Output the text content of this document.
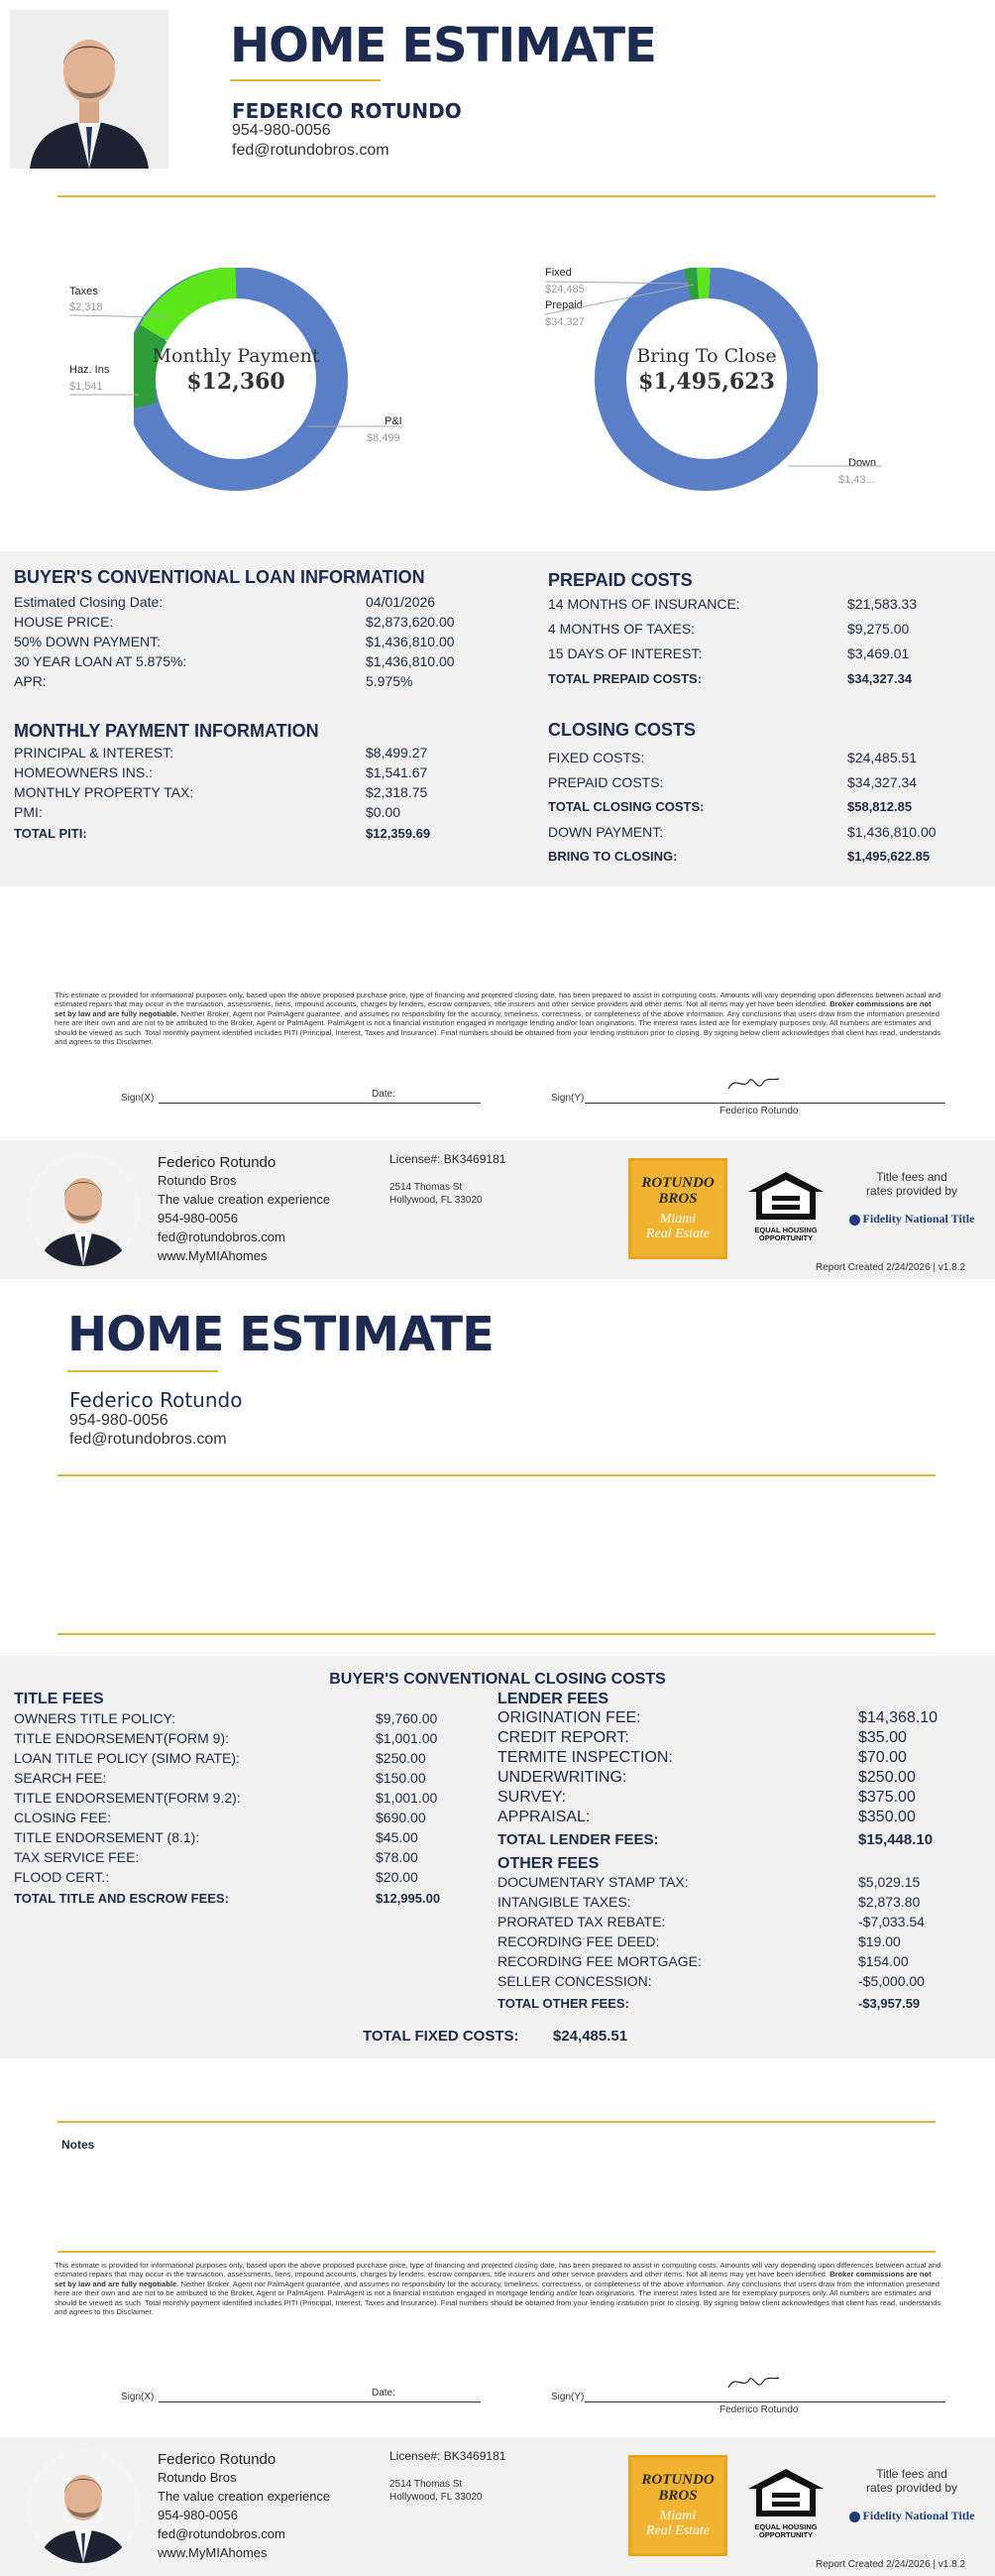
HOME ESTIMATE
FEDERICO ROTUNDO
954-980-0056
fed@rotundobros.com
Monthly Payment
$12,360
Taxes
$2,318
Haz. Ins
$1,541
P&I
$8,499
Bring To Close
$1,495,623
Fixed
$24,485
Prepaid
$34,327
Down
$1,43...
BUYER'S CONVENTIONAL LOAN INFORMATION
Estimated Closing Date:	04/01/2026
HOUSE PRICE:	$2,873,620.00
50% DOWN PAYMENT:	$1,436,810.00
30 YEAR LOAN AT 5.875%:	$1,436,810.00
APR:	5.975%
MONTHLY PAYMENT INFORMATION
PRINCIPAL & INTEREST:	$8,499.27
HOMEOWNERS INS.:	$1,541.67
MONTHLY PROPERTY TAX:	$2,318.75
PMI:	$0.00
TOTAL PITI:	$12,359.69
PREPAID COSTS
14 MONTHS OF INSURANCE:	$21,583.33
4 MONTHS OF TAXES:	$9,275.00
15 DAYS OF INTEREST:	$3,469.01
TOTAL PREPAID COSTS:	$34,327.34
CLOSING COSTS
FIXED COSTS:	$24,485.51
PREPAID COSTS:	$34,327.34
TOTAL CLOSING COSTS:	$58,812.85
DOWN PAYMENT:	$1,436,810.00
BRING TO CLOSING:	$1,495,622.85
This estimate is provided for informational purposes only, based upon the above proposed purchase price, type of financing and projected closing date, has been prepared to assist in computing costs. Amounts will vary depending upon differences between actual and estimated repairs that may occur in the transaction, assessments, liens, impound accounts, charges by lenders, escrow companies, title insurers and other service providers and other items. Not all items may yet have been identified. Broker commissions are not set by law and are fully negotiable. Neither Broker, Agent nor PalmAgent guarantee, and assumes no responsibility for the accuracy, timeliness, correctness, or completeness of the above information. Any conclusions that users draw from the information presented here are their own and are not to be attributed to the Broker, Agent or PalmAgent. PalmAgent is not a financial institution engaged in mortgage lending and/or loan originations. The interest rates listed are for exemplary purposes only. All numbers are estimates and should be viewed as such. Total monthly payment identified includes PITI (Principal, Interest, Taxes and Insurance). Final numbers should be obtained from your lending institution prior to closing. By signing below client acknowledges that client has read, understands and agrees to this Disclaimer.
Sign(X)	Date:	Sign(Y)
Federico Rotundo
Federico Rotundo
Rotundo Bros
The value creation experience
954-980-0056
fed@rotundobros.com
www.MyMIAhomes
License#: BK3469181
2514 Thomas St
Hollywood, FL 33020
ROTUNDO
BROS
Miami
Real Estate	EQUAL HOUSING
OPPORTUNITY
Title fees and
rates provided by
Fidelity National Title
Report Created 2/24/2026 | v1.8.2
HOME ESTIMATE
Federico Rotundo
954-980-0056
fed@rotundobros.com
BUYER'S CONVENTIONAL CLOSING COSTS
TITLE FEES
OWNERS TITLE POLICY:	$9,760.00
TITLE ENDORSEMENT(FORM 9):	$1,001.00
LOAN TITLE POLICY (SIMO RATE):	$250.00
SEARCH FEE:	$150.00
TITLE ENDORSEMENT(FORM 9.2):	$1,001.00
CLOSING FEE:	$690.00
TITLE ENDORSEMENT (8.1):	$45.00
TAX SERVICE FEE:	$78.00
FLOOD CERT.:	$20.00
TOTAL TITLE AND ESCROW FEES:	$12,995.00
LENDER FEES
ORIGINATION FEE:	$14,368.10
CREDIT REPORT:	$35.00
TERMITE INSPECTION:	$70.00
UNDERWRITING:	$250.00
SURVEY:	$375.00
APPRAISAL:	$350.00
TOTAL LENDER FEES:	$15,448.10
OTHER FEES
DOCUMENTARY STAMP TAX:	$5,029.15
INTANGIBLE TAXES:	$2,873.80
PRORATED TAX REBATE:	-$7,033.54
RECORDING FEE DEED:	$19.00
RECORDING FEE MORTGAGE:	$154.00
SELLER CONCESSION:	-$5,000.00
TOTAL OTHER FEES:	-$3,957.59
TOTAL FIXED COSTS: $24,485.51
Notes
This estimate is provided for informational purposes only, based upon the above proposed purchase price, type of financing and projected closing date, has been prepared to assist in computing costs. Amounts will vary depending upon differences between actual and estimated repairs that may occur in the transaction, assessments, liens, impound accounts, charges by lenders, escrow companies, title insurers and other service providers and other items. Not all items may yet have been identified. Broker commissions are not set by law and are fully negotiable. Neither Broker, Agent nor PalmAgent guarantee, and assumes no responsibility for the accuracy, timeliness, correctness, or completeness of the above information. Any conclusions that users draw from the information presented here are their own and are not to be attributed to the Broker, Agent or PalmAgent. PalmAgent is not a financial institution engaged in mortgage lending and/or loan originations. The interest rates listed are for exemplary purposes only. All numbers are estimates and should be viewed as such. Total monthly payment identified includes PITI (Principal, Interest, Taxes and Insurance). Final numbers should be obtained from your lending institution prior to closing. By signing below client acknowledges that client has read, understands and agrees to this Disclaimer.
Sign(X)	Date:	Sign(Y)
Federico Rotundo
Federico Rotundo
Rotundo Bros
The value creation experience
954-980-0056
fed@rotundobros.com
www.MyMIAhomes
License#: BK3469181
2514 Thomas St
Hollywood, FL 33020
ROTUNDO
BROS
Miami
Real Estate	EQUAL HOUSING
OPPORTUNITY
Title fees and
rates provided by
Fidelity National Title
Report Created 2/24/2026 | v1.8.2
